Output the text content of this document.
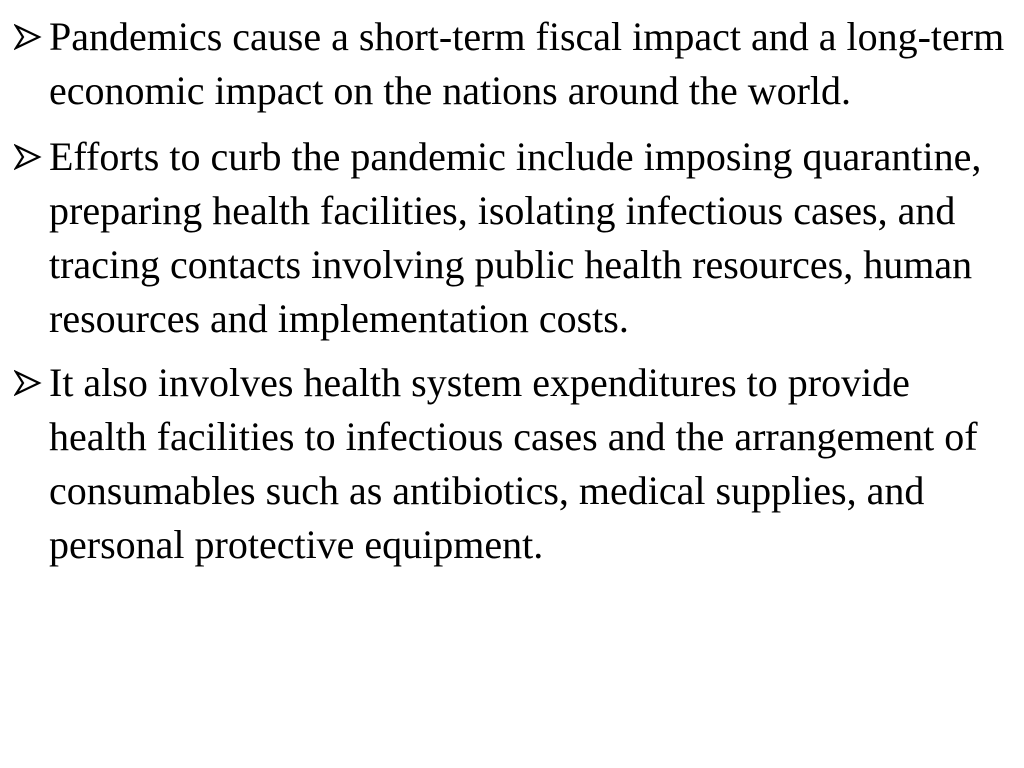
Pandemics cause a short-term fiscal impact and a long-term economic impact on the nations around the world.
Efforts to curb the pandemic include imposing quarantine, preparing health facilities, isolating infectious cases, and tracing contacts involving public health resources, human resources and implementation costs.
It also involves health system expenditures to provide health facilities to infectious cases and the arrangement of consumables such as antibiotics, medical supplies, and personal protective equipment.
